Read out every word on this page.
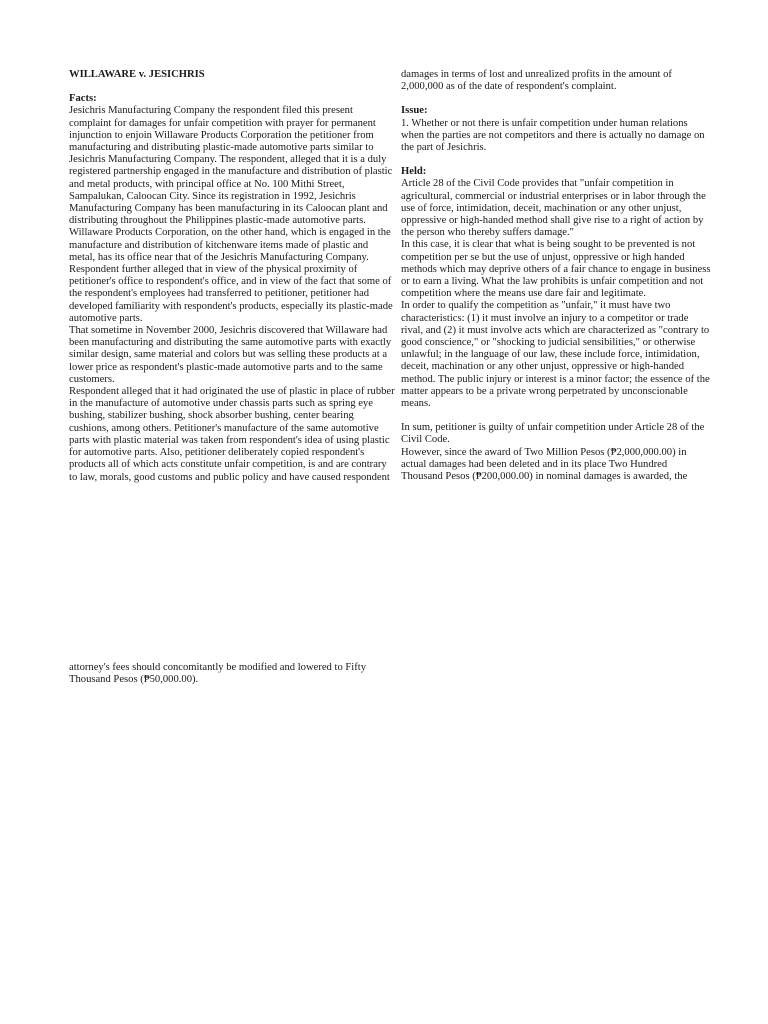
WILLAWARE v. JESICHRIS

Facts:

Jesichris Manufacturing Company the respondent filed this present complaint for damages for unfair competition with prayer for permanent injunction to enjoin Willaware Products Corporation the petitioner from manufacturing and distributing plastic-made automotive parts similar to Jesichris Manufacturing Company. The respondent, alleged that it is a duly registered partnership engaged in the manufacture and distribution of plastic and metal products, with principal office at No. 100 Mithi Street, Sampalukan, Caloocan City. Since its registration in 1992, Jesichris Manufacturing Company has been manufacturing in its Caloocan plant and distributing throughout the Philippines plastic-made automotive parts. Willaware Products Corporation, on the other hand, which is engaged in the manufacture and distribution of kitchenware items made of plastic and metal, has its office near that of the Jesichris Manufacturing Company.

Respondent further alleged that in view of the physical proximity of petitioner's office to respondent's office, and in view of the fact that some of the respondent's employees had transferred to petitioner, petitioner had developed familiarity with respondent's products, especially its plastic-made automotive parts.

That sometime in November 2000, Jesichris discovered that Willaware had been manufacturing and distributing the same automotive parts with exactly similar design, same material and colors but was selling these products at a lower price as respondent's plastic-made automotive parts and to the same customers.

Respondent alleged that it had originated the use of plastic in place of rubber in the manufacture of automotive under chassis parts such as spring eye bushing, stabilizer bushing, shock absorber bushing, center bearing cushions, among others. Petitioner's manufacture of the same automotive parts with plastic material was taken from respondent's idea of using plastic for automotive parts. Also, petitioner deliberately copied respondent's products all of which acts constitute unfair competition, is and are contrary to law, morals, good customs and public policy and have caused respondent

damages in terms of lost and unrealized profits in the amount of 2,000,000 as of the date of respondent's complaint.

Issue:

1. Whether or not there is unfair competition under human relations when the parties are not competitors and there is actually no damage on the part of Jesichris.

Held:

Article 28 of the Civil Code provides that "unfair competition in agricultural, commercial or industrial enterprises or in labor through the use of force, intimidation, deceit, machination or any other unjust, oppressive or high-handed method shall give rise to a right of action by the person who thereby suffers damage."

In this case, it is clear that what is being sought to be prevented is not competition per se but the use of unjust, oppressive or high handed methods which may deprive others of a fair chance to engage in business or to earn a living. What the law prohibits is unfair competition and not competition where the means use dare fair and legitimate.

In order to qualify the competition as "unfair," it must have two characteristics: (1) it must involve an injury to a competitor or trade rival, and (2) it must involve acts which are characterized as "contrary to good conscience," or "shocking to judicial sensibilities," or otherwise unlawful; in the language of our law, these include force, intimidation, deceit, machination or any other unjust, oppressive or high-handed method. The public injury or interest is a minor factor; the essence of the matter appears to be a private wrong perpetrated by unconscionable means.

In sum, petitioner is guilty of unfair competition under Article 28 of the Civil Code.

However, since the award of Two Million Pesos (₱2,000,000.00) in actual damages had been deleted and in its place Two Hundred Thousand Pesos (₱200,000.00) in nominal damages is awarded, the

attorney's fees should concomitantly be modified and lowered to Fifty Thousand Pesos (₱50,000.00).
